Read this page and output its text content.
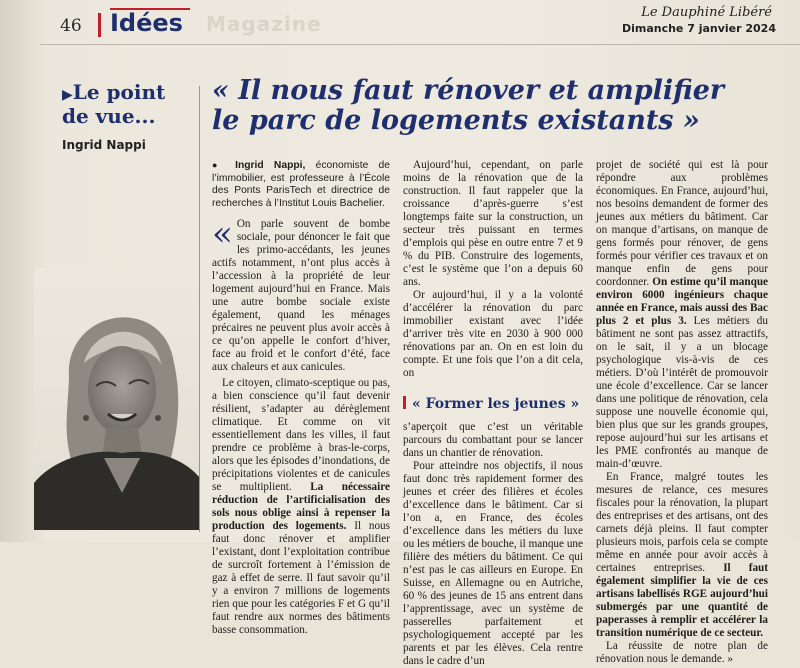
46 Idées Magazine	Le Dauphiné Libéré
Dimanche 7 janvier 2024
▶Le point
de vue...
Ingrid Nappi
« Il nous faut rénover et amplifier le parc de logements existants »

● Ingrid Nappi, économiste de l’immobilier, est professeure à l’École des Ponts ParisTech et directrice de recherches à l’Institut Louis Bachelier.

« On parle souvent de bombe sociale, pour dénoncer le fait que les primo-accédants, les jeunes actifs notamment, n’ont plus accès à l’accession à la propriété de leur logement aujourd’hui en France. Mais une autre bombe sociale existe également, quand les ménages précaires ne peuvent plus avoir accès à ce qu’on appelle le confort d’hiver, face au froid et le confort d’été, face aux chaleurs et aux canicules.

Le citoyen, climato-sceptique ou pas, a bien conscience qu’il faut devenir résilient, s’adapter au dérèglement climatique. Et comme on vit essentiellement dans les villes, il faut prendre ce problème à bras-le-corps, alors que les épisodes d’inondations, de précipitations violentes et de canicules se multiplient. La nécessaire réduction de l’artificialisation des sols nous oblige ainsi à repenser la production des logements. Il nous faut donc rénover et amplifier l’existant, dont l’exploitation contribue de surcroît fortement à l’émission de gaz à effet de serre. Il faut savoir qu’il y a environ 7 millions de logements rien que pour les catégories F et G qu’il faut rendre aux normes des bâtiments basse consommation.

Aujourd’hui, cependant, on parle moins de la rénovation que de la construction. Il faut rappeler que la croissance d’après-guerre s’est longtemps faite sur la construction, un secteur très puissant en termes d’emplois qui pèse en outre entre 7 et 9 % du PIB. Construire des logements, c’est le système que l’on a depuis 60 ans.

Or aujourd’hui, il y a la volonté d’accélérer la rénovation du parc immobilier existant avec l’idée d’arriver très vite en 2030 à 900 000 rénovations par an. On en est loin du compte. Et une fois que l’on a dit cela, on

« Former les jeunes »

s’aperçoit que c’est un véritable parcours du combattant pour se lancer dans un chantier de rénovation.

Pour atteindre nos objectifs, il nous faut donc très rapidement former des jeunes et créer des filières et écoles d’excellence dans le bâtiment. Car si l’on a, en France, des écoles d’excellence dans les métiers du luxe ou les métiers de bouche, il manque une filière des métiers du bâtiment. Ce qui n’est pas le cas ailleurs en Europe. En Suisse, en Allemagne ou en Autriche, 60 % des jeunes de 15 ans entrent dans l’apprentissage, avec un système de passerelles parfaitement et psychologiquement accepté par les parents et par les élèves. Cela rentre dans le cadre d’un

projet de société qui est là pour répondre aux problèmes économiques. En France, aujourd’hui, nos besoins demandent de former des jeunes aux métiers du bâtiment. Car on manque d’artisans, on manque de gens formés pour rénover, de gens formés pour vérifier ces travaux et on manque enfin de gens pour coordonner. On estime qu’il manque environ 6000 ingénieurs chaque année en France, mais aussi des Bac plus 2 et plus 3. Les métiers du bâtiment ne sont pas assez attractifs, on le sait, il y a un blocage psychologique vis-à-vis de ces métiers. D’où l’intérêt de promouvoir une école d’excellence. Car se lancer dans une politique de rénovation, cela suppose une nouvelle économie qui, bien plus que sur les grands groupes, repose aujourd’hui sur les artisans et les PME confrontés au manque de main-d’œuvre.

En France, malgré toutes les mesures de relance, ces mesures fiscales pour la rénovation, la plupart des entreprises et des artisans, ont des carnets déjà pleins. Il faut compter plusieurs mois, parfois cela se compte même en année pour avoir accès à certaines entreprises. Il faut également simplifier la vie de ces artisans labellisés RGE aujourd’hui submergés par une quantité de paperasses à remplir et accélérer la transition numérique de ce secteur.

La réussite de notre plan de rénovation nous le demande. »
